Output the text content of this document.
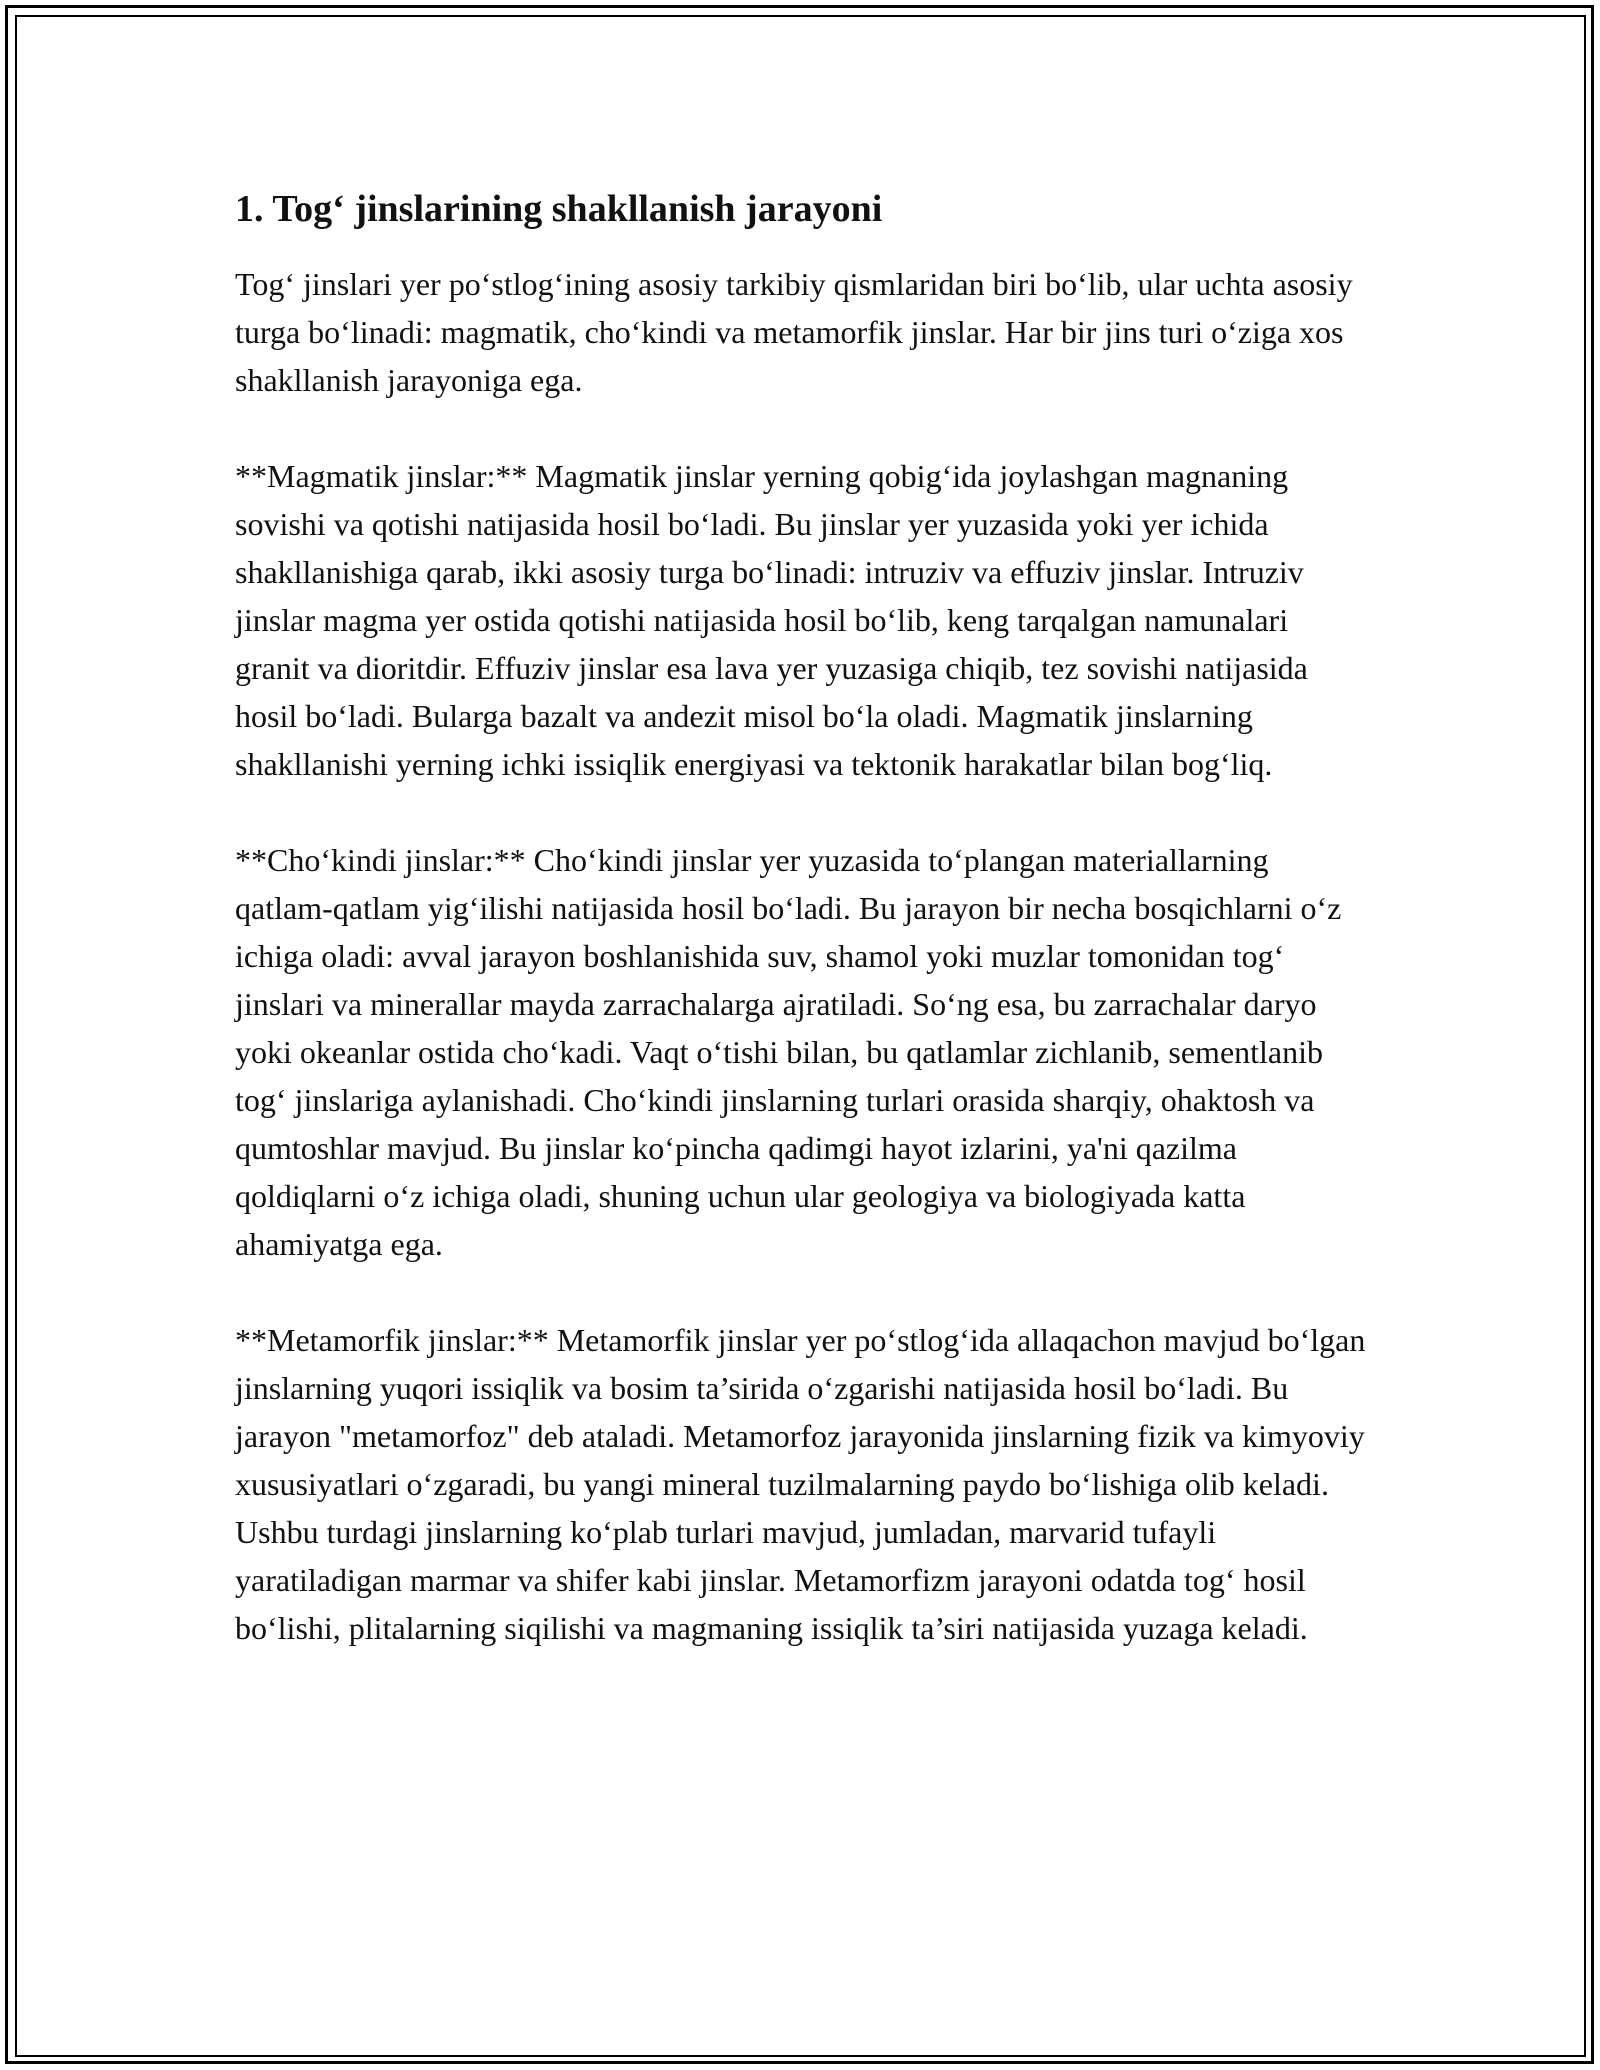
1. Tog‘ jinslarining shakllanish jarayoni

Tog‘ jinslari yer po‘stlog‘ining asosiy tarkibiy qismlaridan biri bo‘lib, ular uchta asosiy turga bo‘linadi: magmatik, cho‘kindi va metamorfik jinslar. Har bir jins turi o‘ziga xos shakllanish jarayoniga ega.

**Magmatik jinslar:** Magmatik jinslar yerning qobig‘ida joylashgan magnaning sovishi va qotishi natijasida hosil bo‘ladi. Bu jinslar yer yuzasida yoki yer ichida shakllanishiga qarab, ikki asosiy turga bo‘linadi: intruziv va effuziv jinslar. Intruziv jinslar magma yer ostida qotishi natijasida hosil bo‘lib, keng tarqalgan namunalari granit va dioritdir. Effuziv jinslar esa lava yer yuzasiga chiqib, tez sovishi natijasida hosil bo‘ladi. Bularga bazalt va andezit misol bo‘la oladi. Magmatik jinslarning shakllanishi yerning ichki issiqlik energiyasi va tektonik harakatlar bilan bog‘liq.

**Cho‘kindi jinslar:** Cho‘kindi jinslar yer yuzasida to‘plangan materiallarning qatlam-qatlam yig‘ilishi natijasida hosil bo‘ladi. Bu jarayon bir necha bosqichlarni o‘z ichiga oladi: avval jarayon boshlanishida suv, shamol yoki muzlar tomonidan tog‘ jinslari va minerallar mayda zarrachalarga ajratiladi. So‘ng esa, bu zarrachalar daryo yoki okeanlar ostida cho‘kadi. Vaqt o‘tishi bilan, bu qatlamlar zichlanib, sementlanib tog‘ jinslariga aylanishadi. Cho‘kindi jinslarning turlari orasida sharqiy, ohaktosh va qumtoshlar mavjud. Bu jinslar ko‘pincha qadimgi hayot izlarini, ya'ni qazilma qoldiqlarni o‘z ichiga oladi, shuning uchun ular geologiya va biologiyada katta ahamiyatga ega.

**Metamorfik jinslar:** Metamorfik jinslar yer po‘stlog‘ida allaqachon mavjud bo‘lgan jinslarning yuqori issiqlik va bosim ta’sirida o‘zgarishi natijasida hosil bo‘ladi. Bu jarayon "metamorfoz" deb ataladi. Metamorfoz jarayonida jinslarning fizik va kimyoviy xususiyatlari o‘zgaradi, bu yangi mineral tuzilmalarning paydo bo‘lishiga olib keladi. Ushbu turdagi jinslarning ko‘plab turlari mavjud, jumladan, marvarid tufayli yaratiladigan marmar va shifer kabi jinslar. Metamorfizm jarayoni odatda tog‘ hosil bo‘lishi, plitalarning siqilishi va magmaning issiqlik ta’siri natijasida yuzaga keladi.
